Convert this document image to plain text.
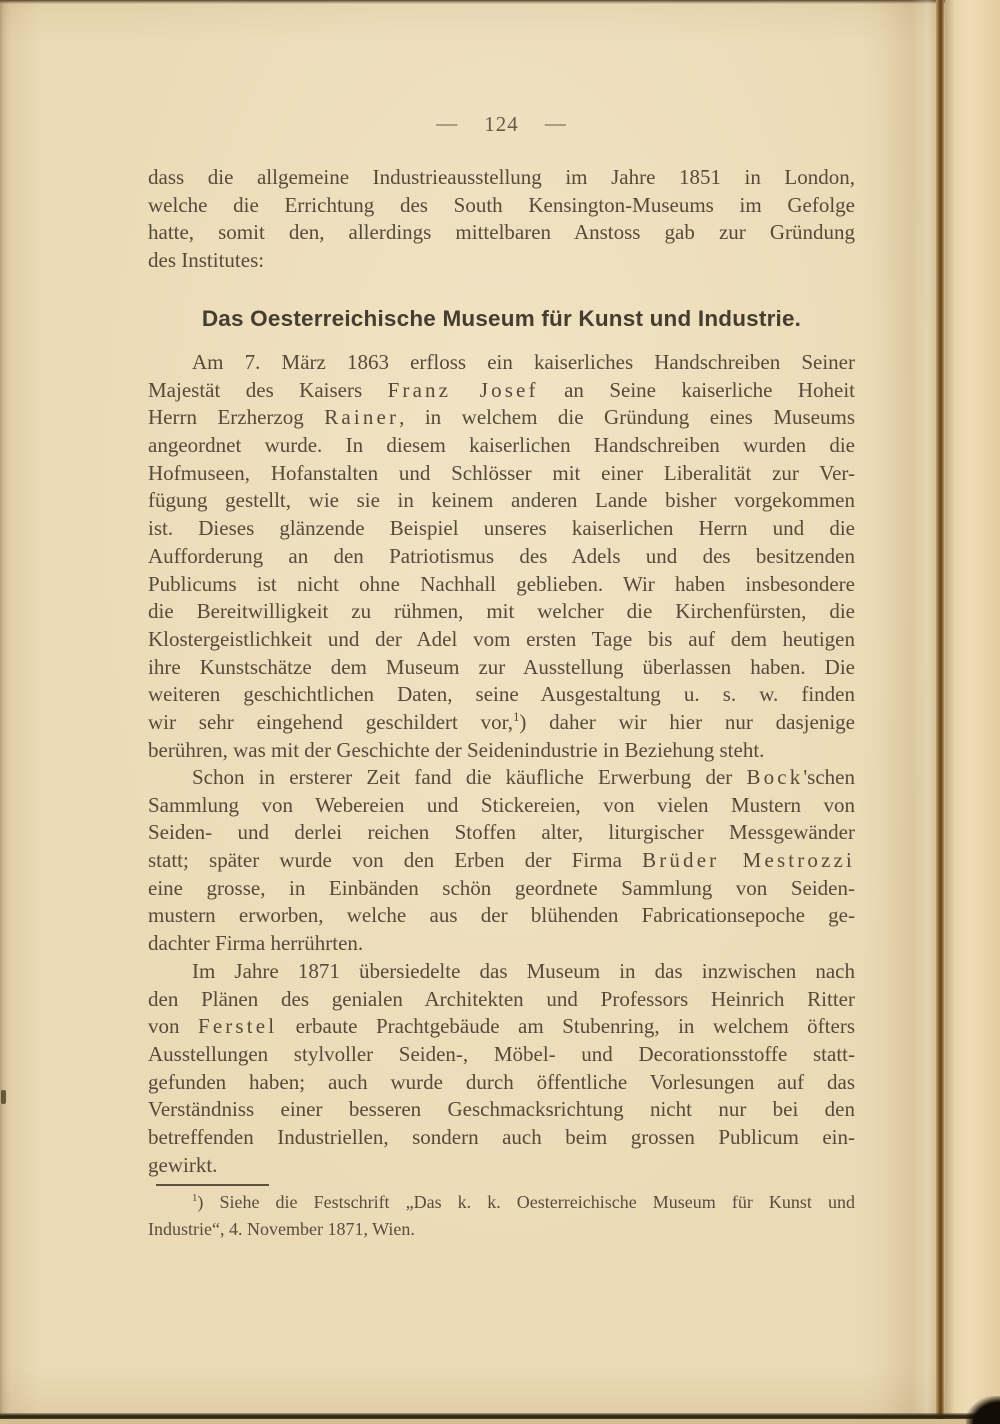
— 124 —
dass die allgemeine Industrieausstellung im Jahre 1851 in London,
welche die Errichtung des South Kensington-Museums im Gefolge
hatte, somit den, allerdings mittelbaren Anstoss gab zur Gründung
des Institutes:
Das Oesterreichische Museum für Kunst und Industrie.
Am 7. März 1863 erfloss ein kaiserliches Handschreiben Seiner
Majestät des Kaisers Franz Josef an Seine kaiserliche Hoheit
Herrn Erzherzog Rainer, in welchem die Gründung eines Museums
angeordnet wurde. In diesem kaiserlichen Handschreiben wurden die
Hofmuseen, Hofanstalten und Schlösser mit einer Liberalität zur Ver-
fügung gestellt, wie sie in keinem anderen Lande bisher vorgekommen
ist. Dieses glänzende Beispiel unseres kaiserlichen Herrn und die
Aufforderung an den Patriotismus des Adels und des besitzenden
Publicums ist nicht ohne Nachhall geblieben. Wir haben insbesondere
die Bereitwilligkeit zu rühmen, mit welcher die Kirchenfürsten, die
Klostergeistlichkeit und der Adel vom ersten Tage bis auf dem heutigen
ihre Kunstschätze dem Museum zur Ausstellung überlassen haben. Die
weiteren geschichtlichen Daten, seine Ausgestaltung u. s. w. finden
wir sehr eingehend geschildert vor,$^1$) daher wir hier nur dasjenige
berühren, was mit der Geschichte der Seidenindustrie in Beziehung steht.
Schon in ersterer Zeit fand die käufliche Erwerbung der Bock'schen
Sammlung von Webereien und Stickereien, von vielen Mustern von
Seiden- und derlei reichen Stoffen alter, liturgischer Messgewänder
statt; später wurde von den Erben der Firma Brüder Mestrozzi
eine grosse, in Einbänden schön geordnete Sammlung von Seiden-
mustern erworben, welche aus der blühenden Fabricationsepoche ge-
dachter Firma herrührten.
Im Jahre 1871 übersiedelte das Museum in das inzwischen nach
den Plänen des genialen Architekten und Professors Heinrich Ritter
von Ferstel erbaute Prachtgebäude am Stubenring, in welchem öfters
Ausstellungen stylvoller Seiden-, Möbel- und Decorationsstoffe statt-
gefunden haben; auch wurde durch öffentliche Vorlesungen auf das
Verständniss einer besseren Geschmacksrichtung nicht nur bei den
betreffenden Industriellen, sondern auch beim grossen Publicum ein-
gewirkt.
$^1$) Siehe die Festschrift „Das k. k. Oesterreichische Museum für Kunst und
Industrie“, 4. November 1871, Wien.
